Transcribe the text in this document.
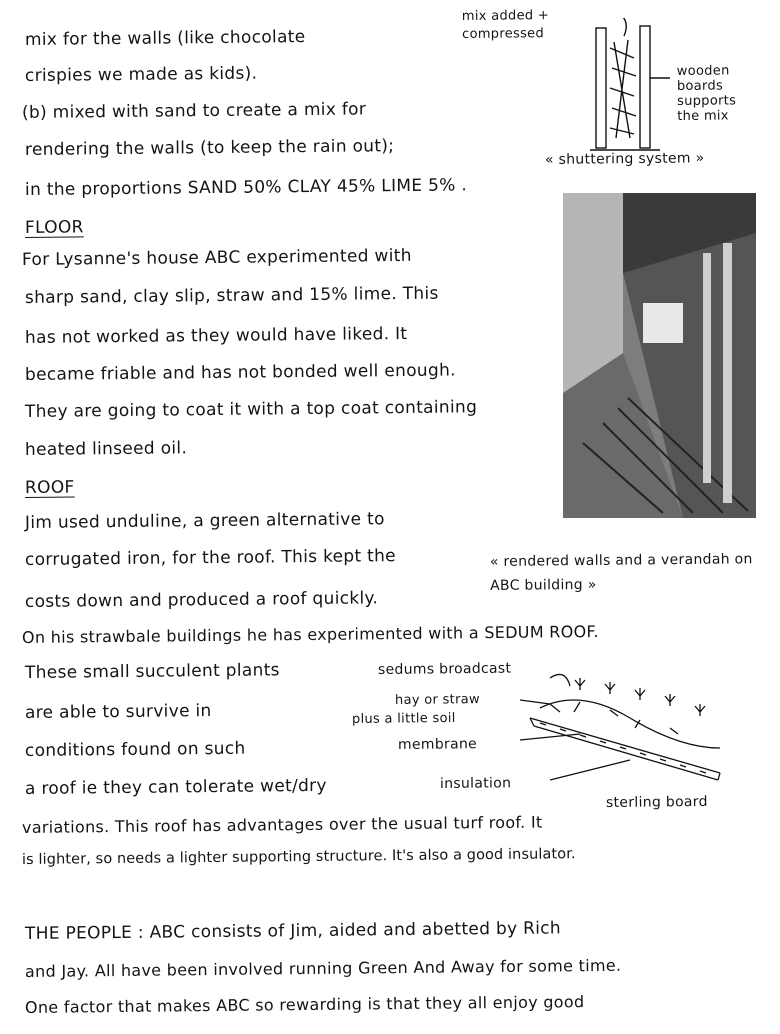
mix for the walls (like chocolate
crispies we made as kids).
(b) mixed with sand to create a mix for
rendering the walls (to keep the rain out);
in the proportions SAND 50% CLAY 45% LIME 5% .
FLOOR
For Lysanne's house ABC experimented with
sharp sand, clay slip, straw and 15% lime. This
has not worked as they would have liked. It
became friable and has not bonded well enough.
They are going to coat it with a top coat containing
heated linseed oil.
ROOF
Jim used unduline, a green alternative to
corrugated iron, for the roof. This kept the
costs down and produced a roof quickly.
On his strawbale buildings he has experimented with a SEDUM ROOF.
These small succulent plants
are able to survive in
conditions found on such
a roof ie they can tolerate wet/dry
variations. This roof has advantages over the usual turf roof. It
is lighter, so needs a lighter supporting structure. It's also a good insulator.
THE PEOPLE : ABC consists of Jim, aided and abetted by Rich
and Jay. All have been involved running Green And Away for some time.
One factor that makes ABC so rewarding is that they all enjoy good
mix added + compressed
wooden boards supports the mix
« shuttering system »
« rendered walls and a verandah on ABC building »
sedums broadcast
hay or straw
plus a little soil
membrane
insulation
sterling board
